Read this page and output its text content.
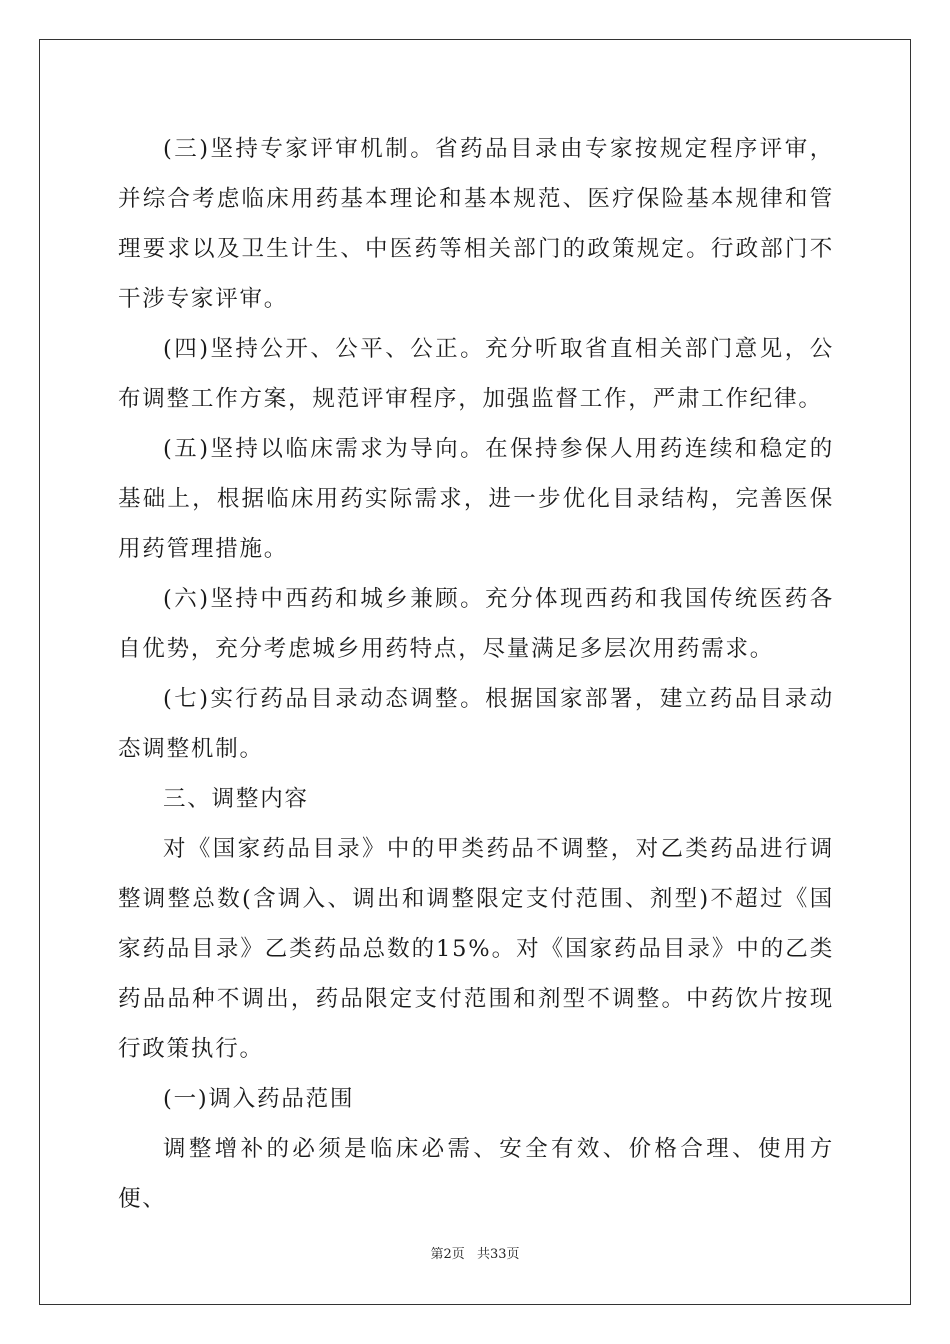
(三)坚持专家评审机制。省药品目录由专家按规定程序评审，并综合考虑临床用药基本理论和基本规范、医疗保险基本规律和管理要求以及卫生计生、中医药等相关部门的政策规定。行政部门不干涉专家评审。

(四)坚持公开、公平、公正。充分听取省直相关部门意见，公布调整工作方案，规范评审程序，加强监督工作，严肃工作纪律。

(五)坚持以临床需求为导向。在保持参保人用药连续和稳定的基础上，根据临床用药实际需求，进一步优化目录结构，完善医保用药管理措施。

(六)坚持中西药和城乡兼顾。充分体现西药和我国传统医药各自优势，充分考虑城乡用药特点，尽量满足多层次用药需求。

(七)实行药品目录动态调整。根据国家部署，建立药品目录动态调整机制。

三、调整内容

对《国家药品目录》中的甲类药品不调整，对乙类药品进行调整调整总数(含调入、调出和调整限定支付范围、剂型)不超过《国家药品目录》乙类药品总数的15%。对《国家药品目录》中的乙类药品品种不调出，药品限定支付范围和剂型不调整。中药饮片按现行政策执行。

(一)调入药品范围

调整增补的必须是临床必需、安全有效、价格合理、使用方便、

第2页 共33页
